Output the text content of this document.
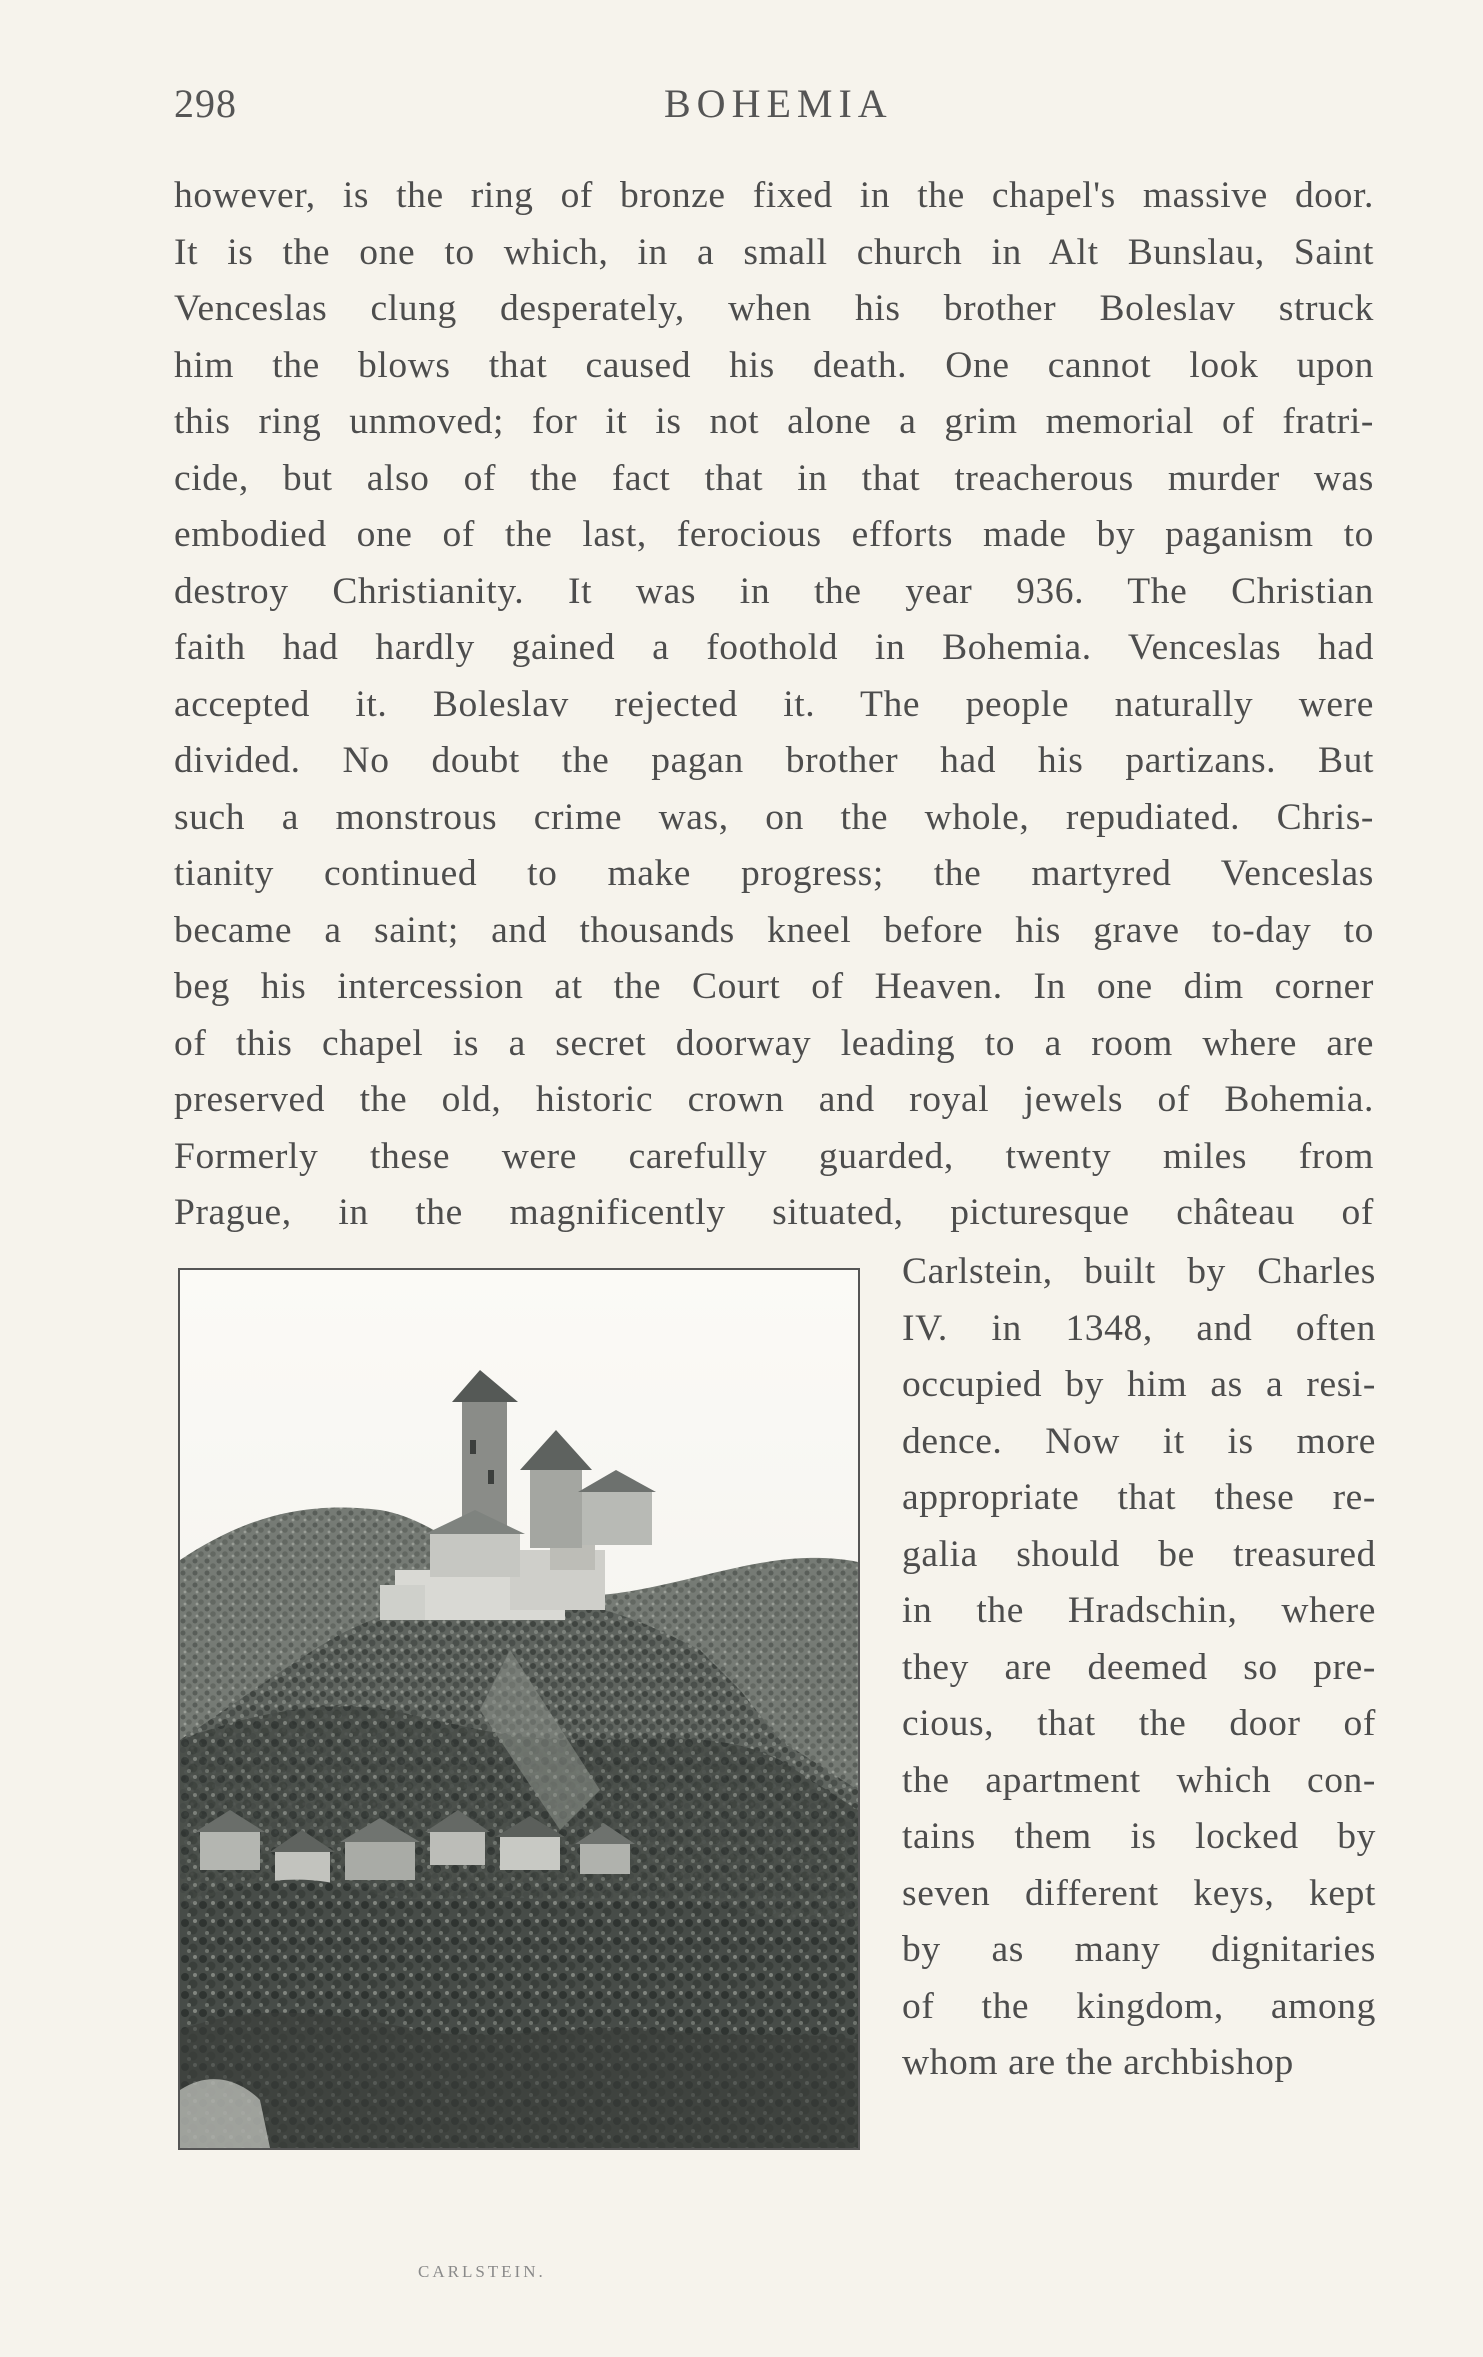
298	BOHEMIA
however, is the ring of bronze fixed in the chapel's massive door.
It is the one to which, in a small church in Alt Bunslau, Saint
Venceslas clung desperately, when his brother Boleslav struck
him the blows that caused his death. One cannot look upon
this ring unmoved; for it is not alone a grim memorial of fratri-
cide, but also of the fact that in that treacherous murder was
embodied one of the last, ferocious efforts made by paganism to
destroy Christianity. It was in the year 936. The Christian
faith had hardly gained a foothold in Bohemia. Venceslas had
accepted it. Boleslav rejected it. The people naturally were
divided. No doubt the pagan brother had his partizans. But
such a monstrous crime was, on the whole, repudiated. Chris-
tianity continued to make progress; the martyred Venceslas
became a saint; and thousands kneel before his grave to-day to
beg his intercession at the Court of Heaven. In one dim corner
of this chapel is a secret doorway leading to a room where are
preserved the old, historic crown and royal jewels of Bohemia.
Formerly these were carefully guarded, twenty miles from
Prague, in the magnificently situated, picturesque château of
Carlstein, built by Charles
IV. in 1348, and often
occupied by him as a resi-
dence. Now it is more
appropriate that these re-
galia should be treasured
in the Hradschin, where
they are deemed so pre-
cious, that the door of
the apartment which con-
tains them is locked by
seven different keys, kept
by as many dignitaries
of the kingdom, among
whom are the archbishop
CARLSTEIN.
